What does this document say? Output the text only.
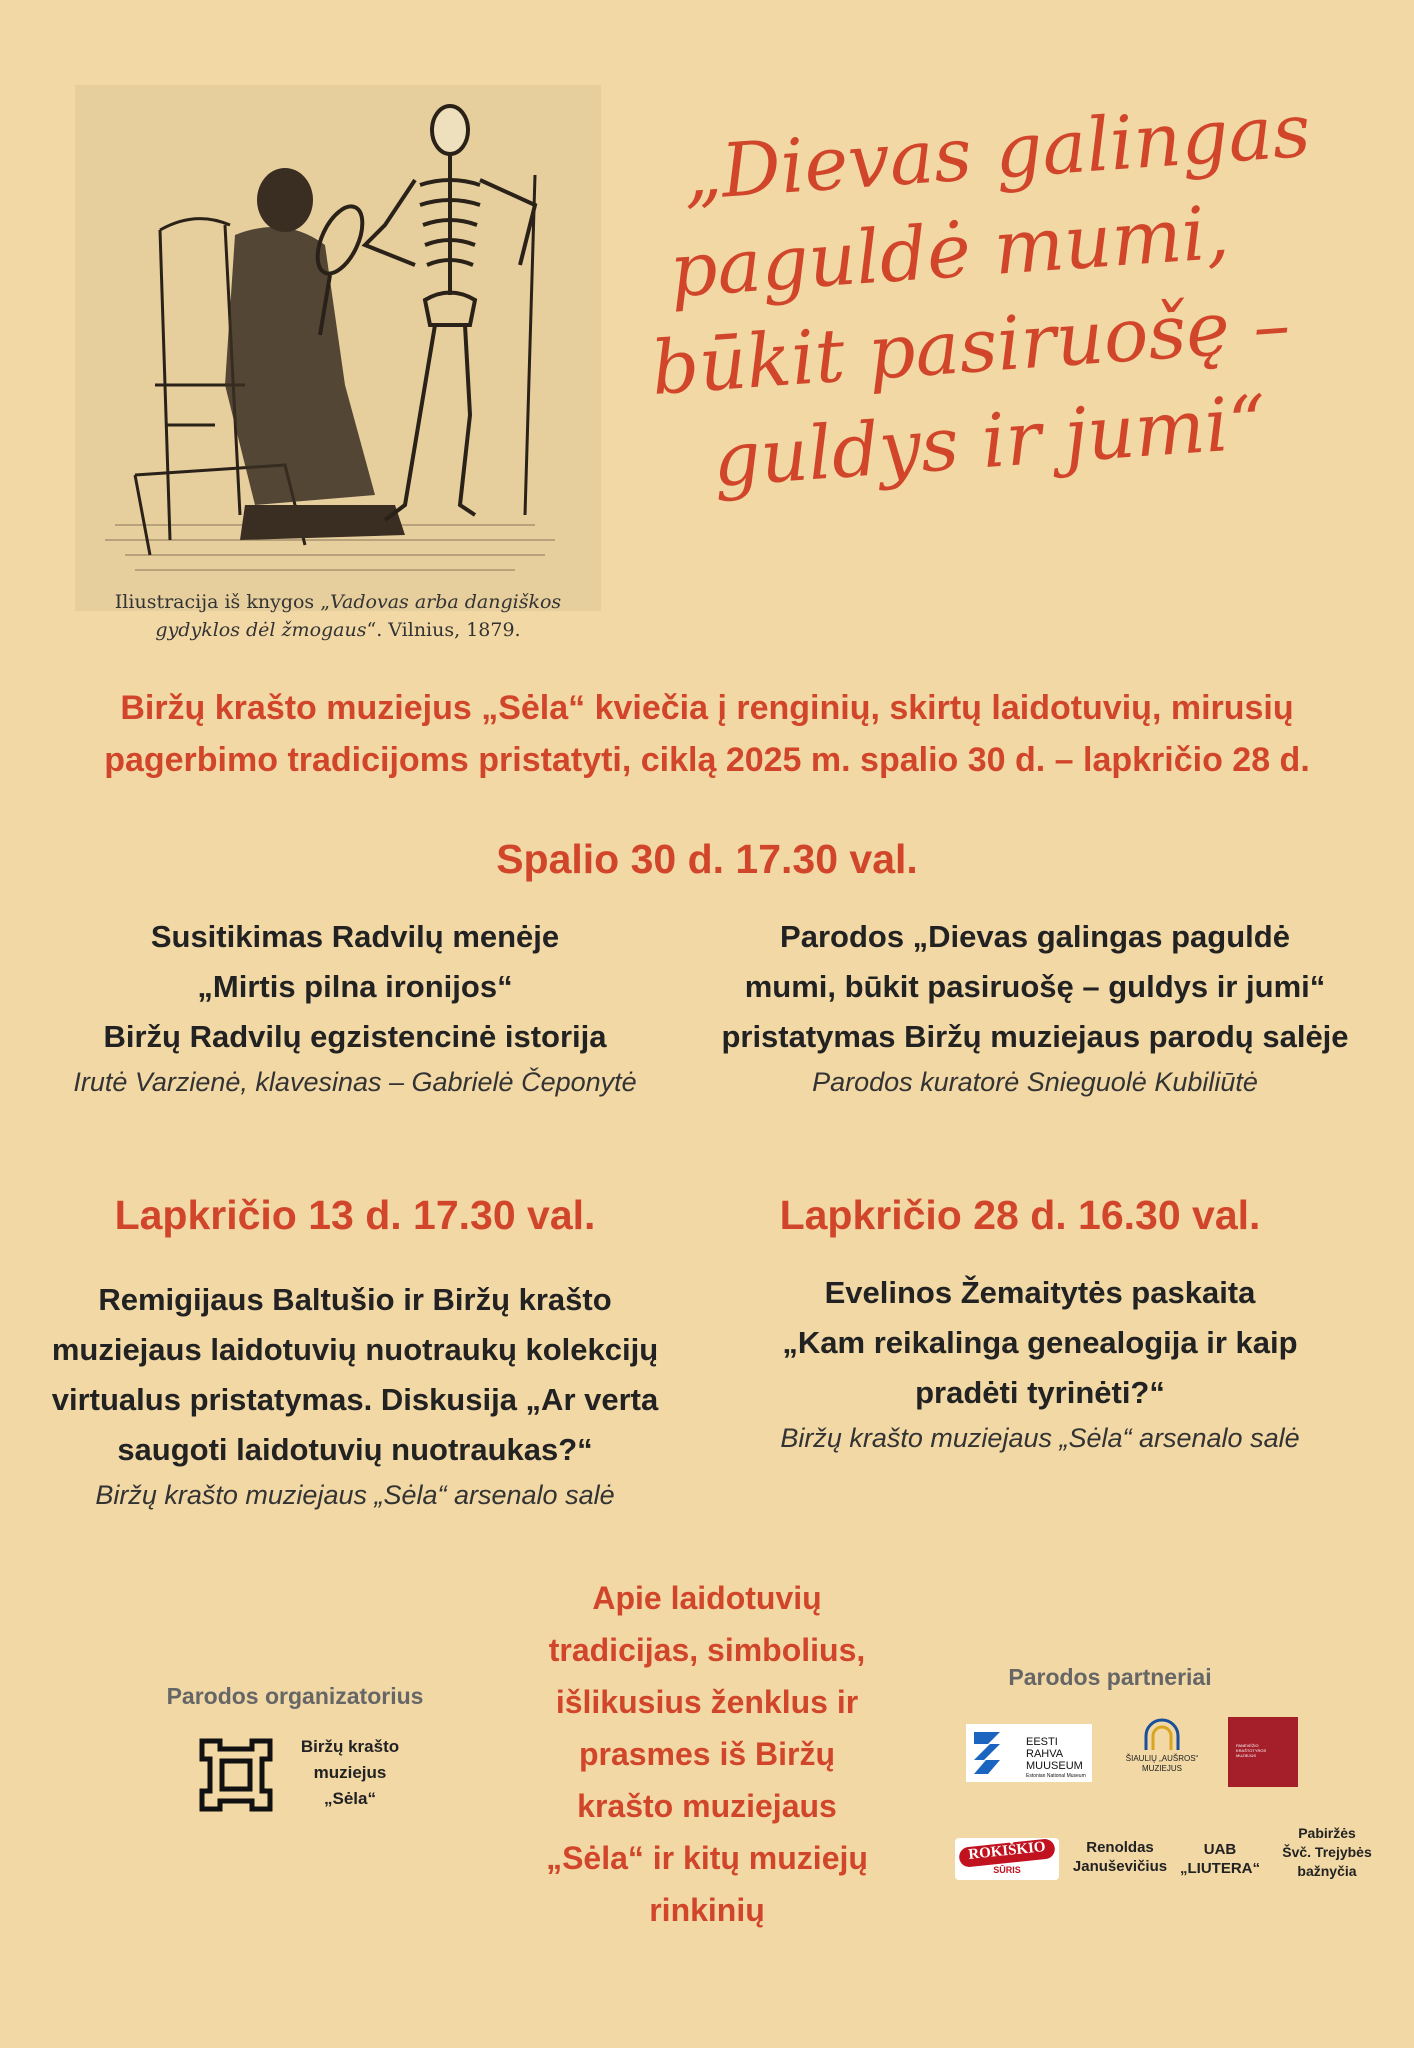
Iliustracija iš knygos „Vadovas arba dangiškos
gydyklos dėl žmogaus“. Vilnius, 1879.
„Dievas galingas
paguldė mumi,
būkit pasiruošę –
guldys ir jumi“
Biržų krašto muziejus „Sėla“ kviečia į renginių, skirtų laidotuvių, mirusių
pagerbimo tradicijoms pristatyti, ciklą 2025 m. spalio 30 d. – lapkričio 28 d.
Spalio 30 d. 17.30 val.
Susitikimas Radvilų menėje
„Mirtis pilna ironijos“
Biržų Radvilų egzistencinė istorija
Irutė Varzienė, klavesinas – Gabrielė Čeponytė
Parodos „Dievas galingas paguldė
mumi, būkit pasiruošę – guldys ir jumi“
pristatymas Biržų muziejaus parodų salėje
Parodos kuratorė Snieguolė Kubiliūtė
Lapkričio 13 d. 17.30 val.
Remigijaus Baltušio ir Biržų krašto
muziejaus laidotuvių nuotraukų kolekcijų
virtualus pristatymas. Diskusija „Ar verta
saugoti laidotuvių nuotraukas?“
Biržų krašto muziejaus „Sėla“ arsenalo salė
Lapkričio 28 d. 16.30 val.
Evelinos Žemaitytės paskaita
„Kam reikalinga genealogija ir kaip
pradėti tyrinėti?“
Biržų krašto muziejaus „Sėla“ arsenalo salė
Apie laidotuvių
tradicijas, simbolius,
išlikusius ženklus ir
prasmes iš Biržų
krašto muziejaus
„Sėla“ ir kitų muziejų
rinkinių
Parodos organizatorius
Biržų krašto
muziejus
„Sėla“
Parodos partneriai
EESTI RAHVA
MUUSEUM
Estonian National Museum
ŠIAULIŲ „AUŠROS“
MUZIEJUS
PANEVĖŽIO KRAŠTOTYROS MUZIEJUS
ROKIŠKIO
SŪRIS
Renoldas
Januševičius
UAB
„LIUTERA“
Pabiržės
Švč. Trejybės
bažnyčia
